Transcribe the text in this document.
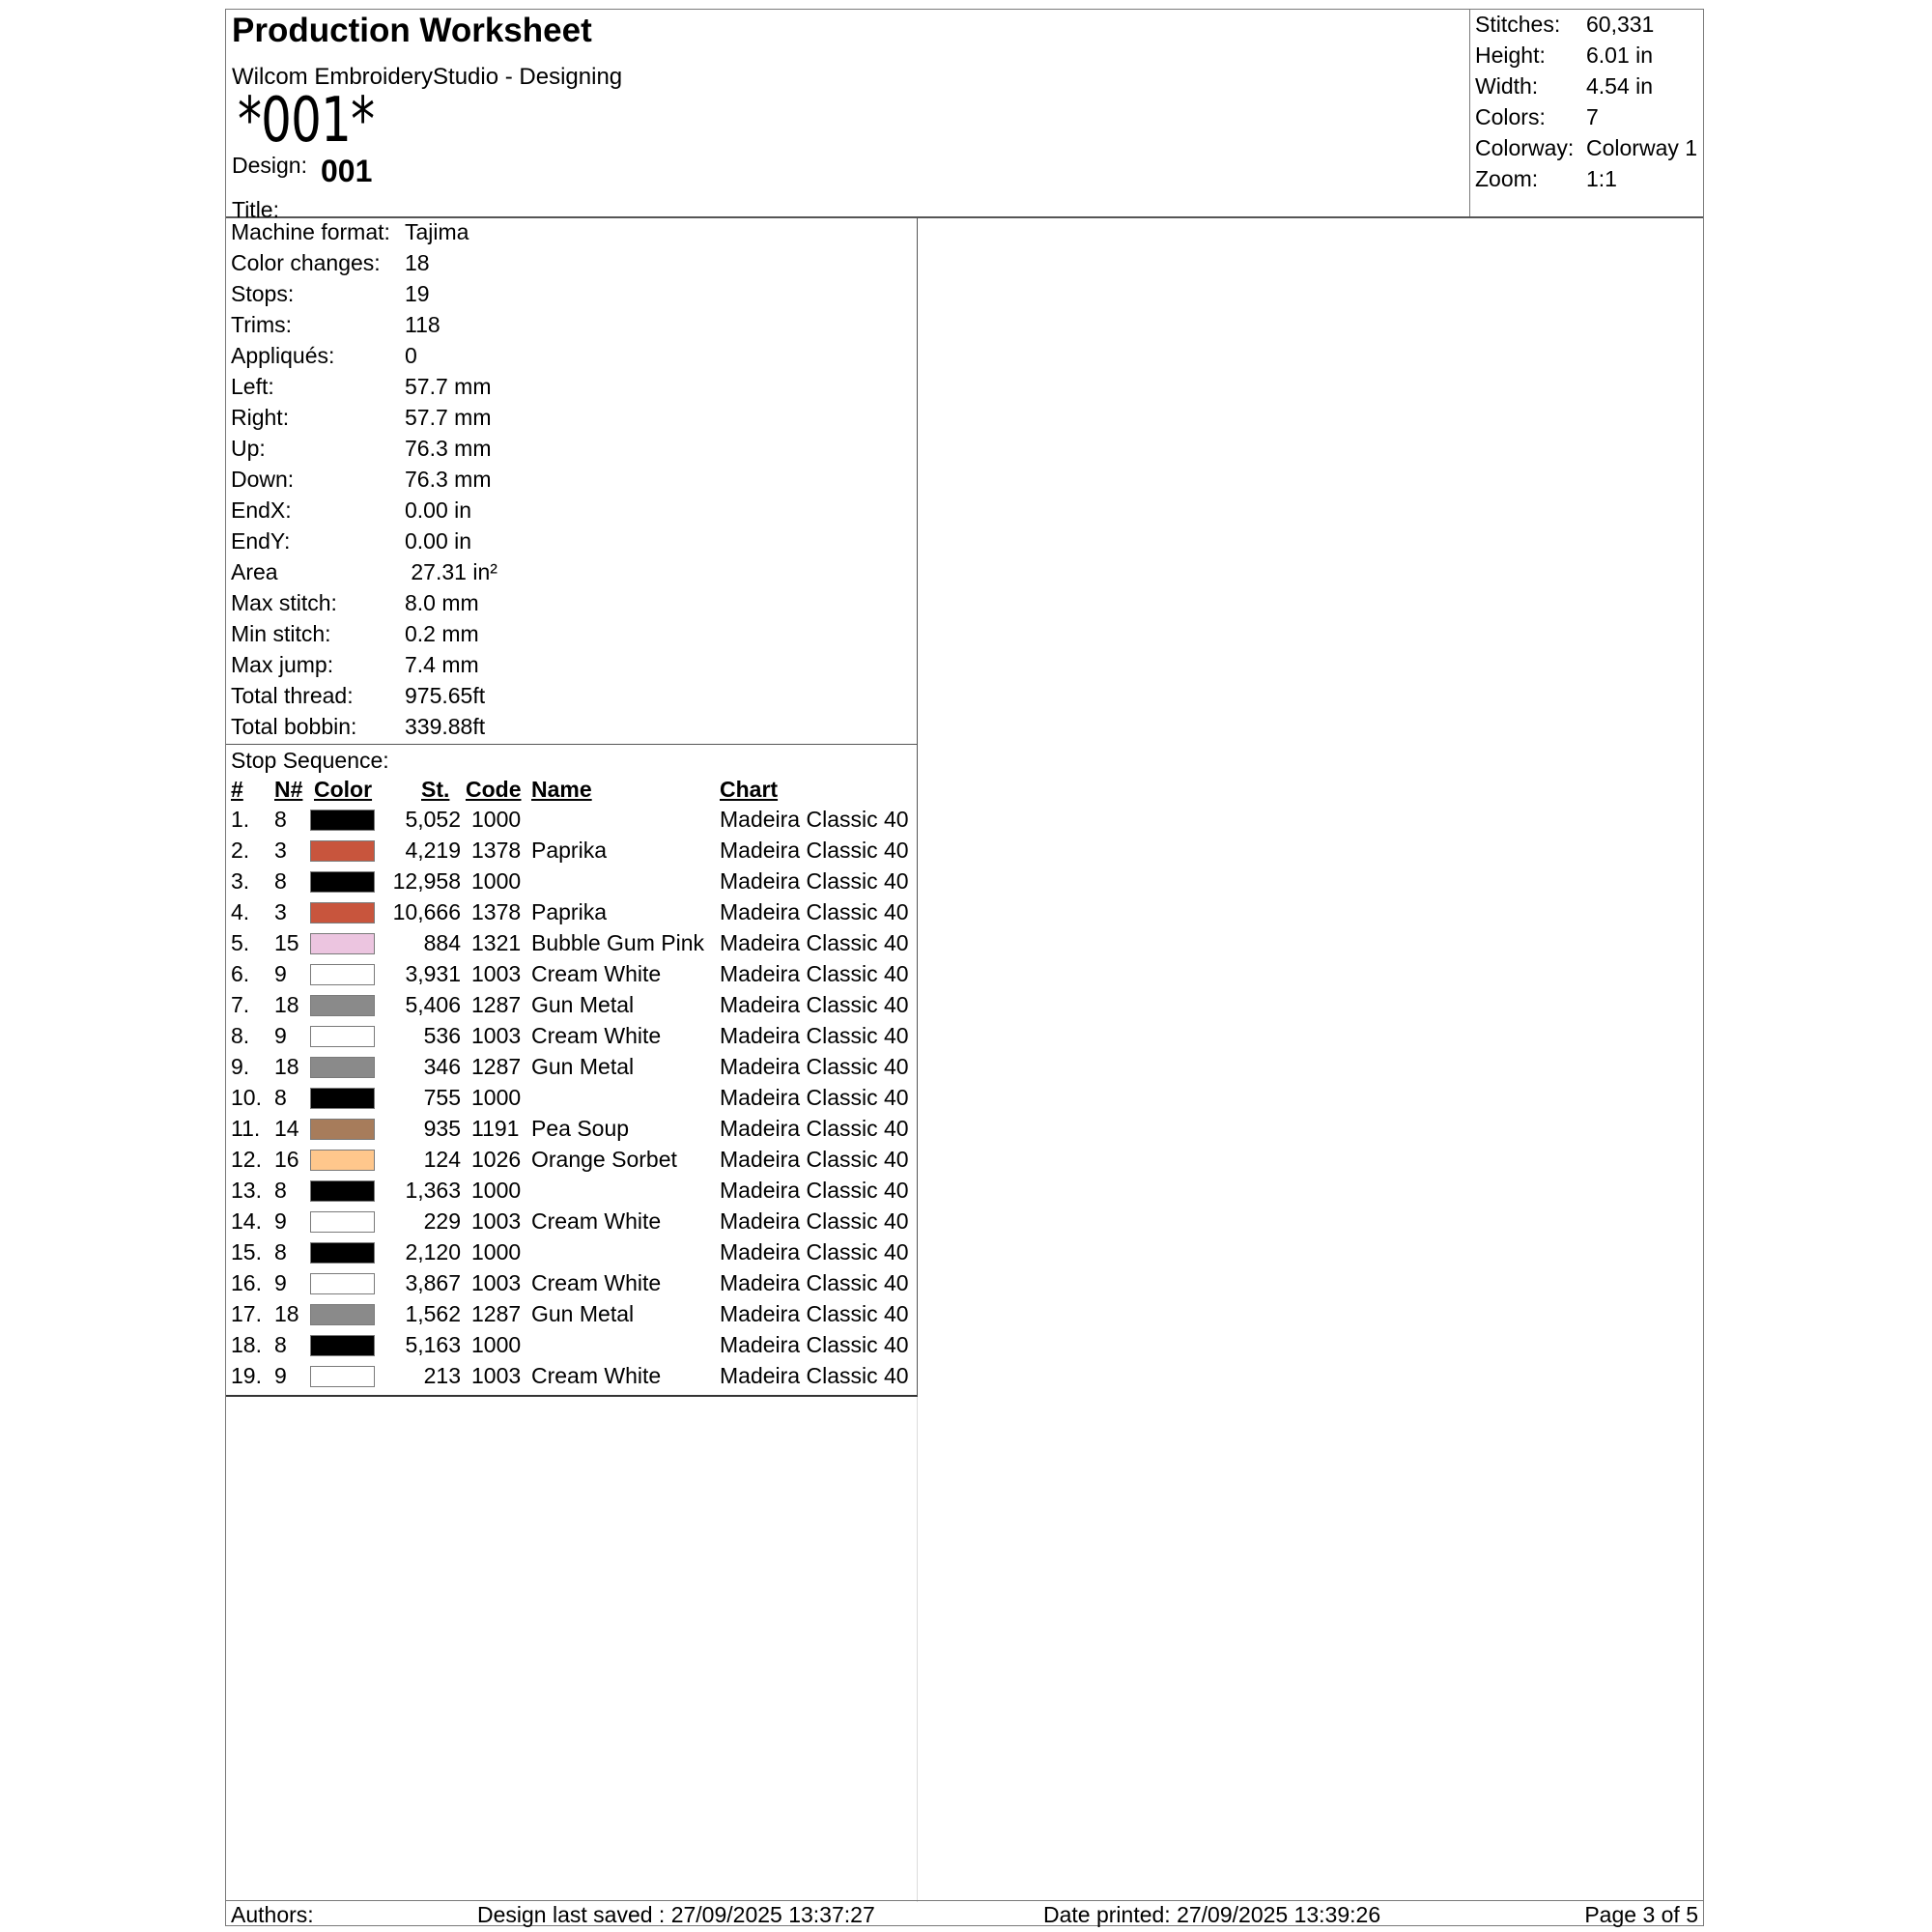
Production Worksheet
Wilcom EmbroideryStudio - Designing
*001*
Design: 001
Title:
Stitches: 60,331
Height: 6.01 in
Width: 4.54 in
Colors: 7
Colorway: Colorway 1
Zoom: 1:1
Machine format: Tajima
Color changes: 18
Stops:	19
Trims:	118
Appliqués:	0
Left:	57.7 mm
Right:	57.7 mm
Up:	76.3 mm
Down:	76.3 mm
EndX:	0.00 in
EndY:	0.00 in
Area	27.31 in²
Max stitch:	8.0 mm
Min stitch:	0.2 mm
Max jump:	7.4 mm
Total thread: 975.65ft
Total bobbin: 339.88ft
Stop Sequence:
# N# Color St. Code Name	Chart
1. 8	5,052 1000	Madeira Classic 40
2. 3	4,219 1378 Paprika	Madeira Classic 40
3. 8	12,958 1000	Madeira Classic 40
4. 3	10,666 1378 Paprika	Madeira Classic 40
5. 15	884 1321 Bubble Gum Pink Madeira Classic 40
6. 9	3,931 1003 Cream White	Madeira Classic 40
7. 18	5,406 1287 Gun Metal	Madeira Classic 40
8. 9	536 1003 Cream White	Madeira Classic 40
9. 18	346 1287 Gun Metal	Madeira Classic 40
10. 8	755 1000	Madeira Classic 40
11. 14	935 1191 Pea Soup	Madeira Classic 40
12. 16	124 1026 Orange Sorbet Madeira Classic 40
13. 8	1,363 1000	Madeira Classic 40
14. 9	229 1003 Cream White	Madeira Classic 40
15. 8	2,120 1000	Madeira Classic 40
16. 9	3,867 1003 Cream White	Madeira Classic 40
17. 18	1,562 1287 Gun Metal	Madeira Classic 40
18. 8	5,163 1000	Madeira Classic 40
19. 9	213 1003 Cream White	Madeira Classic 40
Authors:	Design last saved : 27/09/2025 13:37:27	Date printed: 27/09/2025 13:39:26	Page 3 of 5
